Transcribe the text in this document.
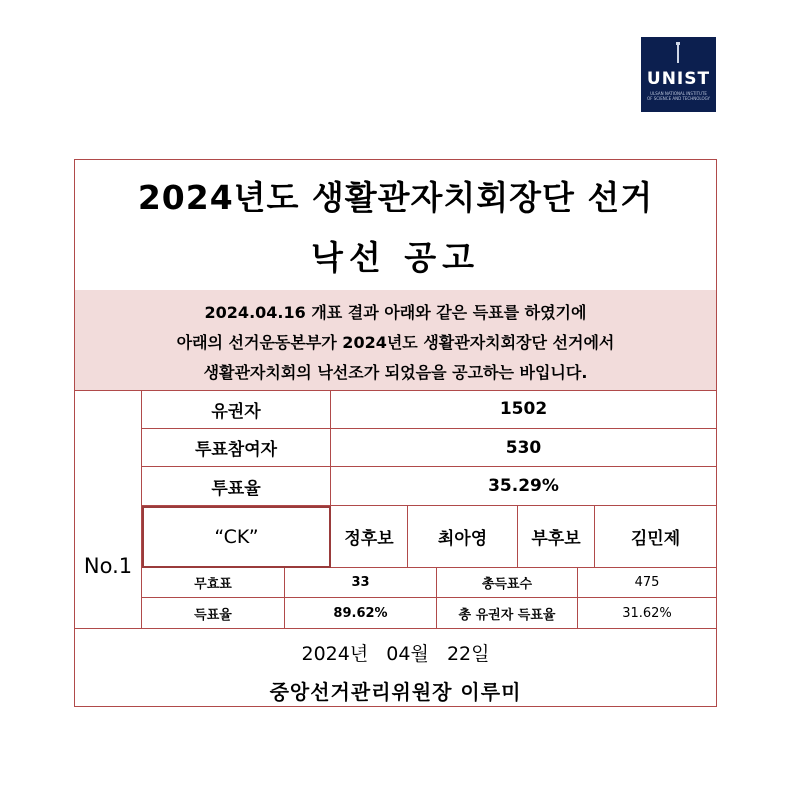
UNIST
ULSAN NATIONAL INSTITUTE OF SCIENCE AND TECHNOLOGY
2024년도 생활관자치회장단 선거
낙선 공고
2024.04.16 개표 결과 아래와 같은 득표를 하였기에
아래의 선거운동본부가 2024년도 생활관자치회장단 선거에서
생활관자치회의 낙선조가 되었음을 공고하는 바입니다.
No.1
유권자	1502
투표참여자	530
투표율	35.29%
“CK”	정후보	최아영	부후보	김민제
무효표	33	총득표수	475
득표율	89.62%	총 유권자 득표율	31.62%
2024년   04월   22일
중앙선거관리위원장 이루미
